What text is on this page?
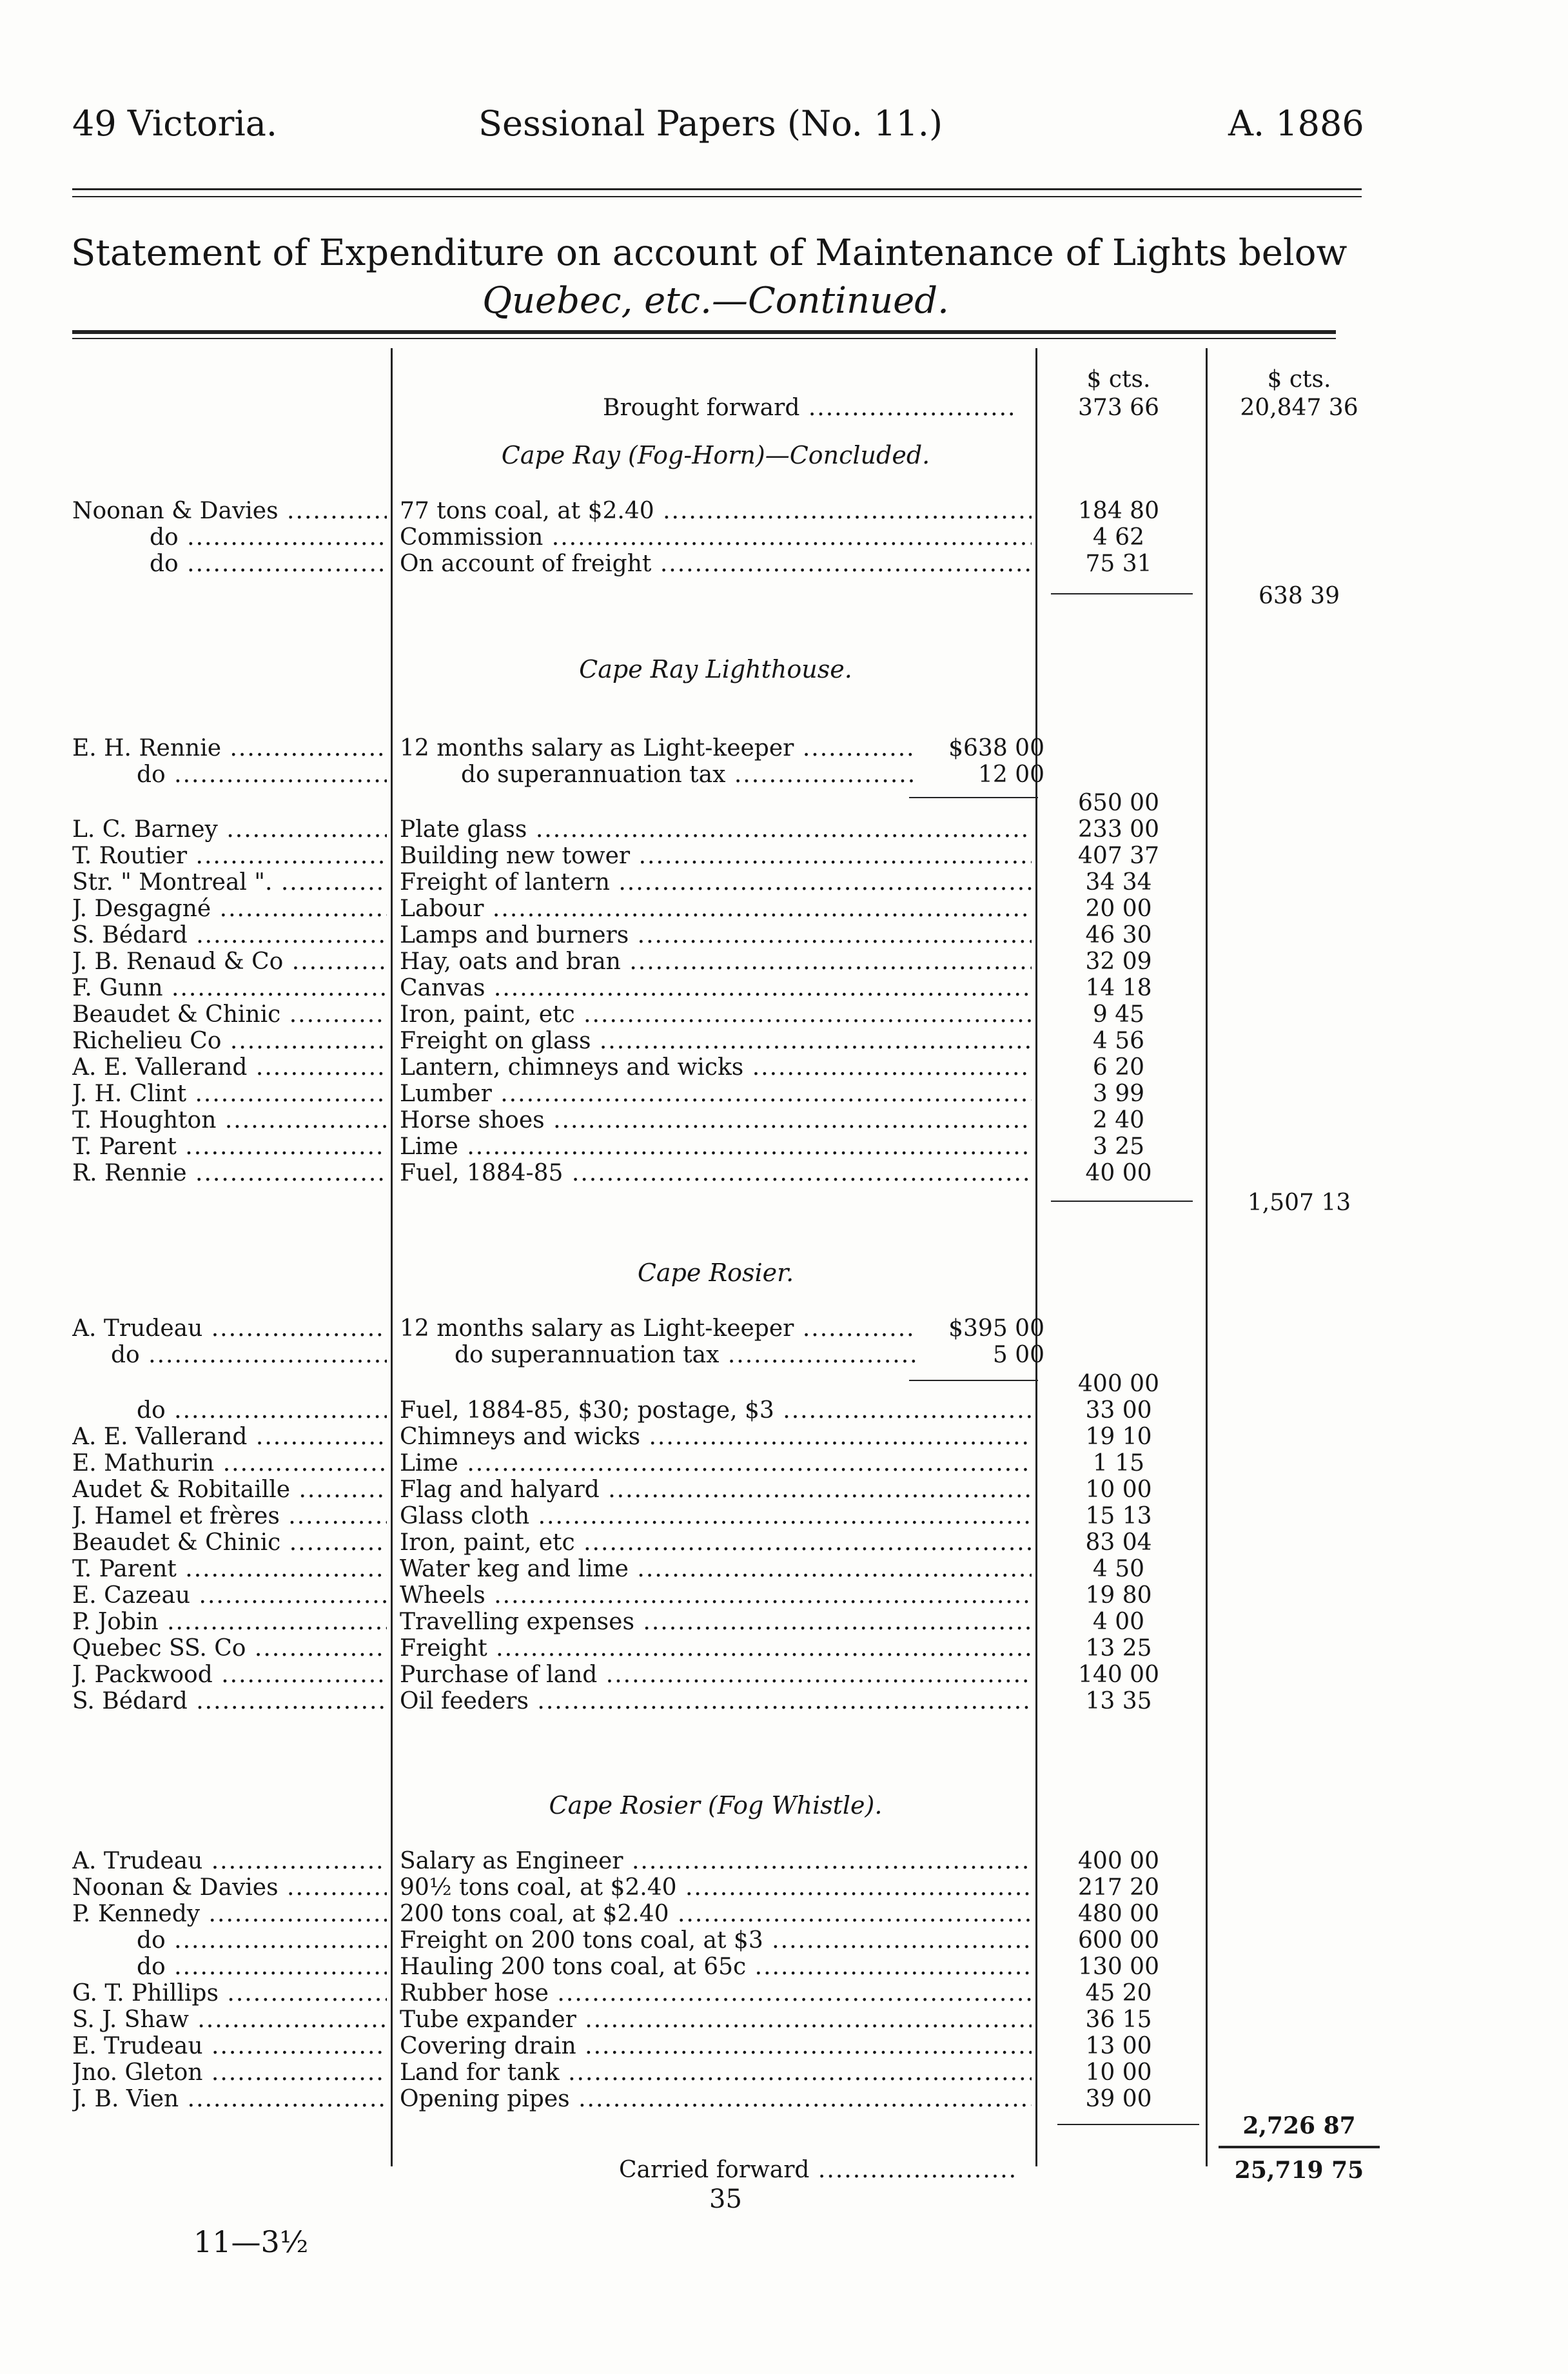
49 Victoria.	Sessional Papers (No. 11.)	A. 1886
Statement of Expenditure on account of Maintenance of Lights below
Quebec, etc.—Continued.
$ cts.	$ cts.
Brought forward .....	373 66	20,847 36
Cape Ray (Fog-Horn)—Concluded.
Noonan & Davies .....	77 tons coal, at $2.40 .....	184 80
do .....	Commission .....	4 62
do .....	On account of freight .....	75 31
638 39
Cape Ray Lighthouse.
E. H. Rennie .....	12 months salary as Light-keeper .....	$638 00
do .....	do superannuation tax .....	12 00
650 00
L. C. Barney .....	Plate glass .....	233 00
T. Routier .....	Building new tower .....	407 37
Str. " Montreal ". .....	Freight of lantern .....	34 34
J. Desgagné .....	Labour .....	20 00
S. Bédard .....	Lamps and burners .....	46 30
J. B. Renaud & Co .....	Hay, oats and bran .....	32 09
F. Gunn .....	Canvas .....	14 18
Beaudet & Chinic .....	Iron, paint, etc .....	9 45
Richelieu Co .....	Freight on glass .....	4 56
A. E. Vallerand .....	Lantern, chimneys and wicks .....	6 20
J. H. Clint .....	Lumber .....	3 99
T. Houghton .....	Horse shoes .....	2 40
T. Parent .....	Lime .....	3 25
R. Rennie .....	Fuel, 1884-85 .....	40 00
1,507 13
Cape Rosier.
A. Trudeau .....	12 months salary as Light-keeper .....	$395 00
do .....	do superannuation tax .....	5 00
400 00
do .....	Fuel, 1884-85, $30; postage, $3 .....	33 00
A. E. Vallerand .....	Chimneys and wicks .....	19 10
E. Mathurin .....	Lime .....	1 15
Audet & Robitaille .....	Flag and halyard .....	10 00
J. Hamel et frères .....	Glass cloth .....	15 13
Beaudet & Chinic .....	Iron, paint, etc .....	83 04
T. Parent .....	Water keg and lime .....	4 50
E. Cazeau .....	Wheels .....	19 80
P. Jobin .....	Travelling expenses .....	4 00
Quebec SS. Co .....	Freight .....	13 25
J. Packwood .....	Purchase of land .....	140 00
S. Bédard .....	Oil feeders .....	13 35
Cape Rosier (Fog Whistle).
A. Trudeau .....	Salary as Engineer .....	400 00
Noonan & Davies .....	90½ tons coal, at $2.40 .....	217 20
P. Kennedy .....	200 tons coal, at $2.40 .....	480 00
do .....	Freight on 200 tons coal, at $3 .....	600 00
do .....	Hauling 200 tons coal, at 65c .....	130 00
G. T. Phillips .....	Rubber hose .....	45 20
S. J. Shaw .....	Tube expander .....	36 15
E. Trudeau .....	Covering drain .....	13 00
Jno. Gleton .....	Land for tank .....	10 00
J. B. Vien .....	Opening pipes .....	39 00
2,726 87
Carried forward .....	25,719 75
35
11—3½
